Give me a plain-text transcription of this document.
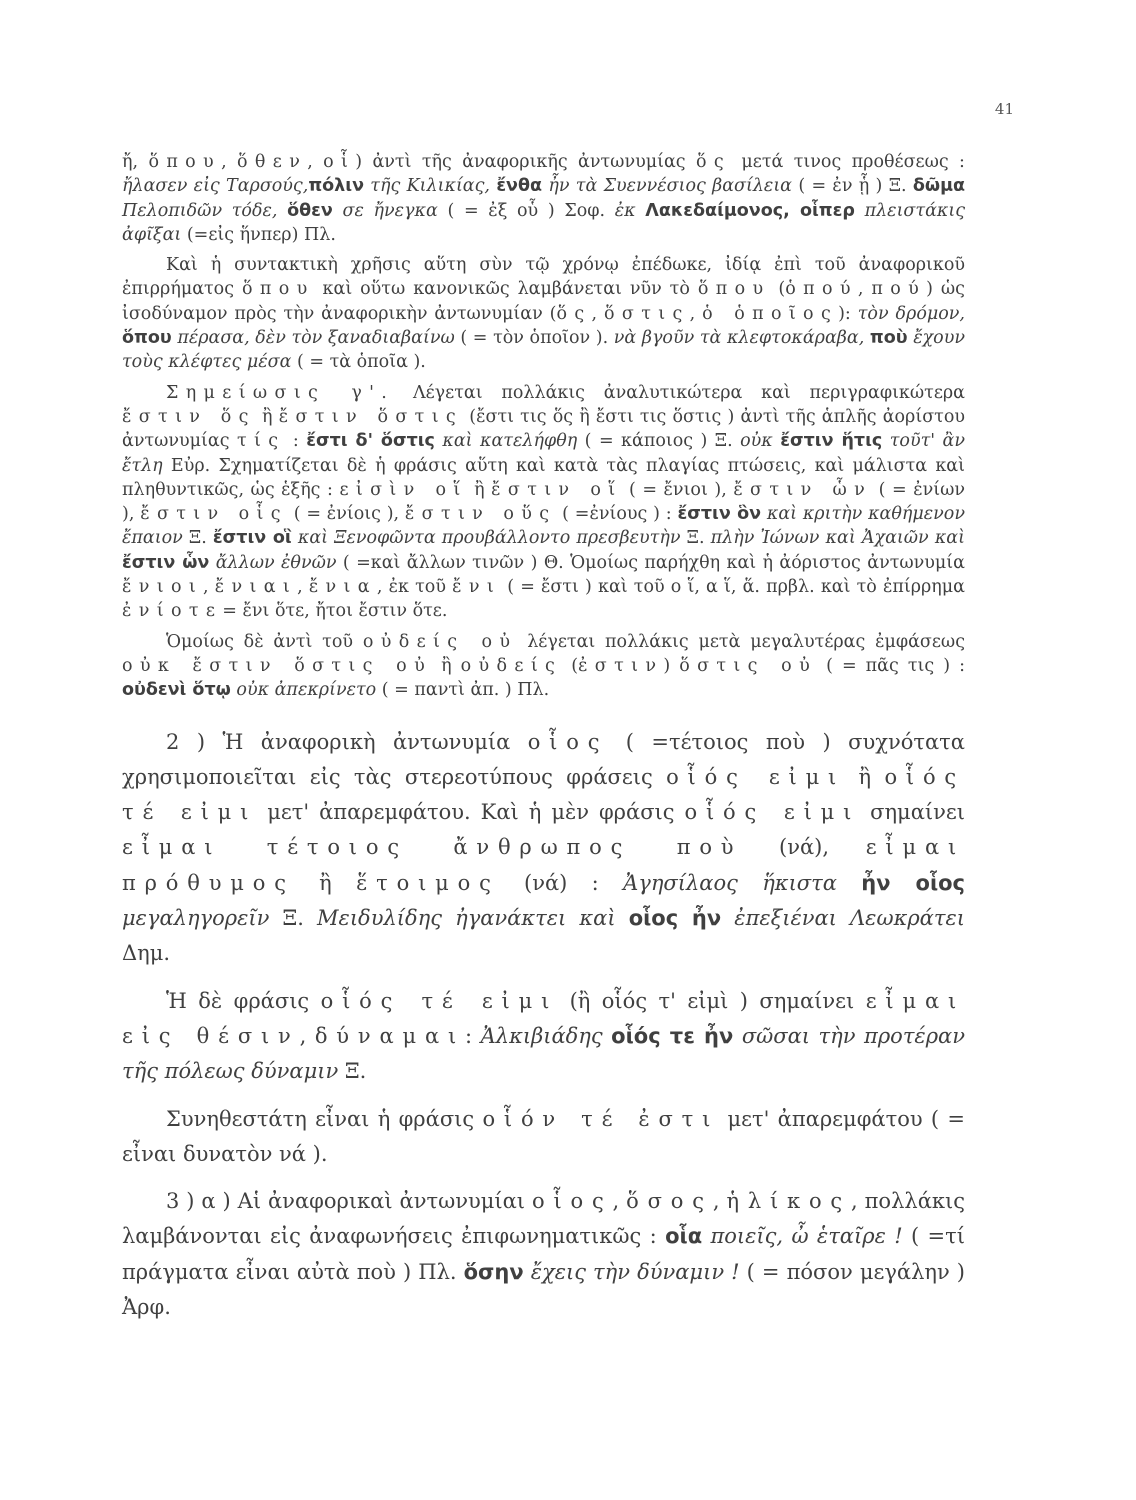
41

ἤ, ὅπου, ὅθεν, οἷ) ἀντὶ τῆς ἀναφορικῆς ἀντωνυμίας ὅς μετά τινος προθέσεως : ἤλασεν εἰς Ταρσούς,πόλιν τῆς Κιλικίας, ἔνθα ἦν τὰ Συεννέσιος βασίλεια ( = ἐν ᾗ ) Ξ. δῶμα Πελοπιδῶν τόδε, ὅθεν σε ἤνεγκα ( = ἐξ οὗ ) Σοφ. ἐκ Λακεδαίμονος, οἷπερ πλειστάκις ἀφῖξαι (=εἰς ἥνπερ) Πλ.

Καὶ ἡ συντακτικὴ χρῆσις αὕτη σὺν τῷ χρόνῳ ἐπέδωκε, ἰδίᾳ ἐπὶ τοῦ ἀναφορικοῦ ἐπιρρήματος ὅπου καὶ οὕτω κανονικῶς λαμβάνεται νῦν τὸ ὅπου (ὁπού, πού) ὡς ἰσοδύναμον πρὸς τὴν ἀναφορικὴν ἀντωνυμίαν (ὅς, ὅστις, ὁ ὁποῖος): τὸν δρόμον, ὅπου πέρασα, δὲν τὸν ξαναδιαβαίνω ( = τὸν ὁποῖον ). νὰ βγοῦν τὰ κλεφτοκάραβα, ποὺ ἔχουν τοὺς κλέφτες μέσα ( = τὰ ὁποῖα ).

Σημείωσις γ'. Λέγεται πολλάκις ἀναλυτικώτερα καὶ περιγραφικώτερα ἔστιν ὅς ἢ ἔστιν ὅστις (ἔστι τις ὅς ἢ ἔστι τις ὅστις ) ἀντὶ τῆς ἁπλῆς ἀορίστου ἀντωνυμίας τίς : ἔστι δ' ὅστις καὶ κατελήφθη ( = κάποιος ) Ξ. οὐκ ἔστιν ἥτις τοῦτ' ἂν ἔτλη Εὐρ. Σχηματίζεται δὲ ἡ φράσις αὕτη καὶ κατὰ τὰς πλαγίας πτώσεις, καὶ μάλιστα καὶ πληθυντικῶς, ὡς ἑξῆς : εἰσὶν οἵ ἢ ἔστιν οἵ ( = ἔνιοι ), ἔστιν ὧν ( = ἐνίων ), ἔστιν οἷς ( = ἐνίοις ), ἔστιν οὕς ( =ἐνίους ) : ἔστιν ὃν καὶ κριτὴν καθήμενον ἔπαιον Ξ. ἔστιν οἳ καὶ Ξενοφῶντα προυβάλλοντο πρεσβευτὴν Ξ. πλὴν Ἰώνων καὶ Ἀχαιῶν καὶ ἔστιν ὧν ἄλλων ἐθνῶν ( =καὶ ἄλλων τινῶν ) Θ. Ὁμοίως παρήχθη καὶ ἡ ἀόριστος ἀντωνυμία ἔνιοι, ἔνιαι, ἔνια, ἐκ τοῦ ἔνι ( = ἔστι ) καὶ τοῦ ο ἵ, α ἵ, ἅ. πρβλ. καὶ τὸ ἐπίρρημα ἐνίοτε= ἔνι ὅτε, ἤτοι ἔστιν ὅτε.

Ὁμοίως δὲ ἀντὶ τοῦ οὐδείς οὐ λέγεται πολλάκις μετὰ μεγαλυτέρας ἐμφάσεως οὐκ ἔστιν ὅστις οὐ ἢ οὐδείς (ἐστιν) ὅστις οὐ ( = πᾶς τις ) : οὐδενὶ ὅτῳ οὐκ ἀπεκρίνετο ( = παντὶ ἀπ. ) Πλ.

2 ) Ἡ ἀναφορικὴ ἀντωνυμία οἷος ( =τέτοιος ποὺ ) συχνότατα χρησιμοποιεῖται εἰς τὰς στερεοτύπους φράσεις οἷός εἰμι ἢ οἷός τέ εἰμι μετ' ἀπαρεμφάτου. Καὶ ἡ μὲν φράσις οἷός εἰμι σημαίνει εἶμαι τέτοιος ἄνθρωπος ποὺ (νά), εἶμαι πρόθυμος ἢ ἕτοιμος (νά) : Ἀγησίλαος ἥκιστα ἦν οἷος μεγαληγορεῖν Ξ. Μειδυλίδης ἠγανάκτει καὶ οἷος ἦν ἐπεξιέναι Λεωκράτει Δημ.

Ἡ δὲ φράσις οἷός τέ εἰμι (ἢ οἷός τ' εἰμὶ ) σημαίνει εἶμαι εἰς θέσιν, δύναμαι: Ἀλκιβιάδης οἷός τε ἦν σῶσαι τὴν προτέραν τῆς πόλεως δύναμιν Ξ.

Συνηθεστάτη εἶναι ἡ φράσις οἷόν τέ ἐστι μετ' ἀπαρεμφάτου ( = εἶναι δυνατὸν νά ).

3 ) α ) Αἱ ἀναφορικαὶ ἀντωνυμίαι οἷος, ὅσος, ἡλίκος, πολλάκις λαμβάνονται εἰς ἀναφωνήσεις ἐπιφωνηματικῶς : οἷα ποιεῖς, ὦ ἑταῖρε ! ( =τί πράγματα εἶναι αὐτὰ ποὺ ) Πλ. ὅσην ἔχεις τὴν δύναμιν ! ( = πόσον μεγάλην ) Ἀρφ.
